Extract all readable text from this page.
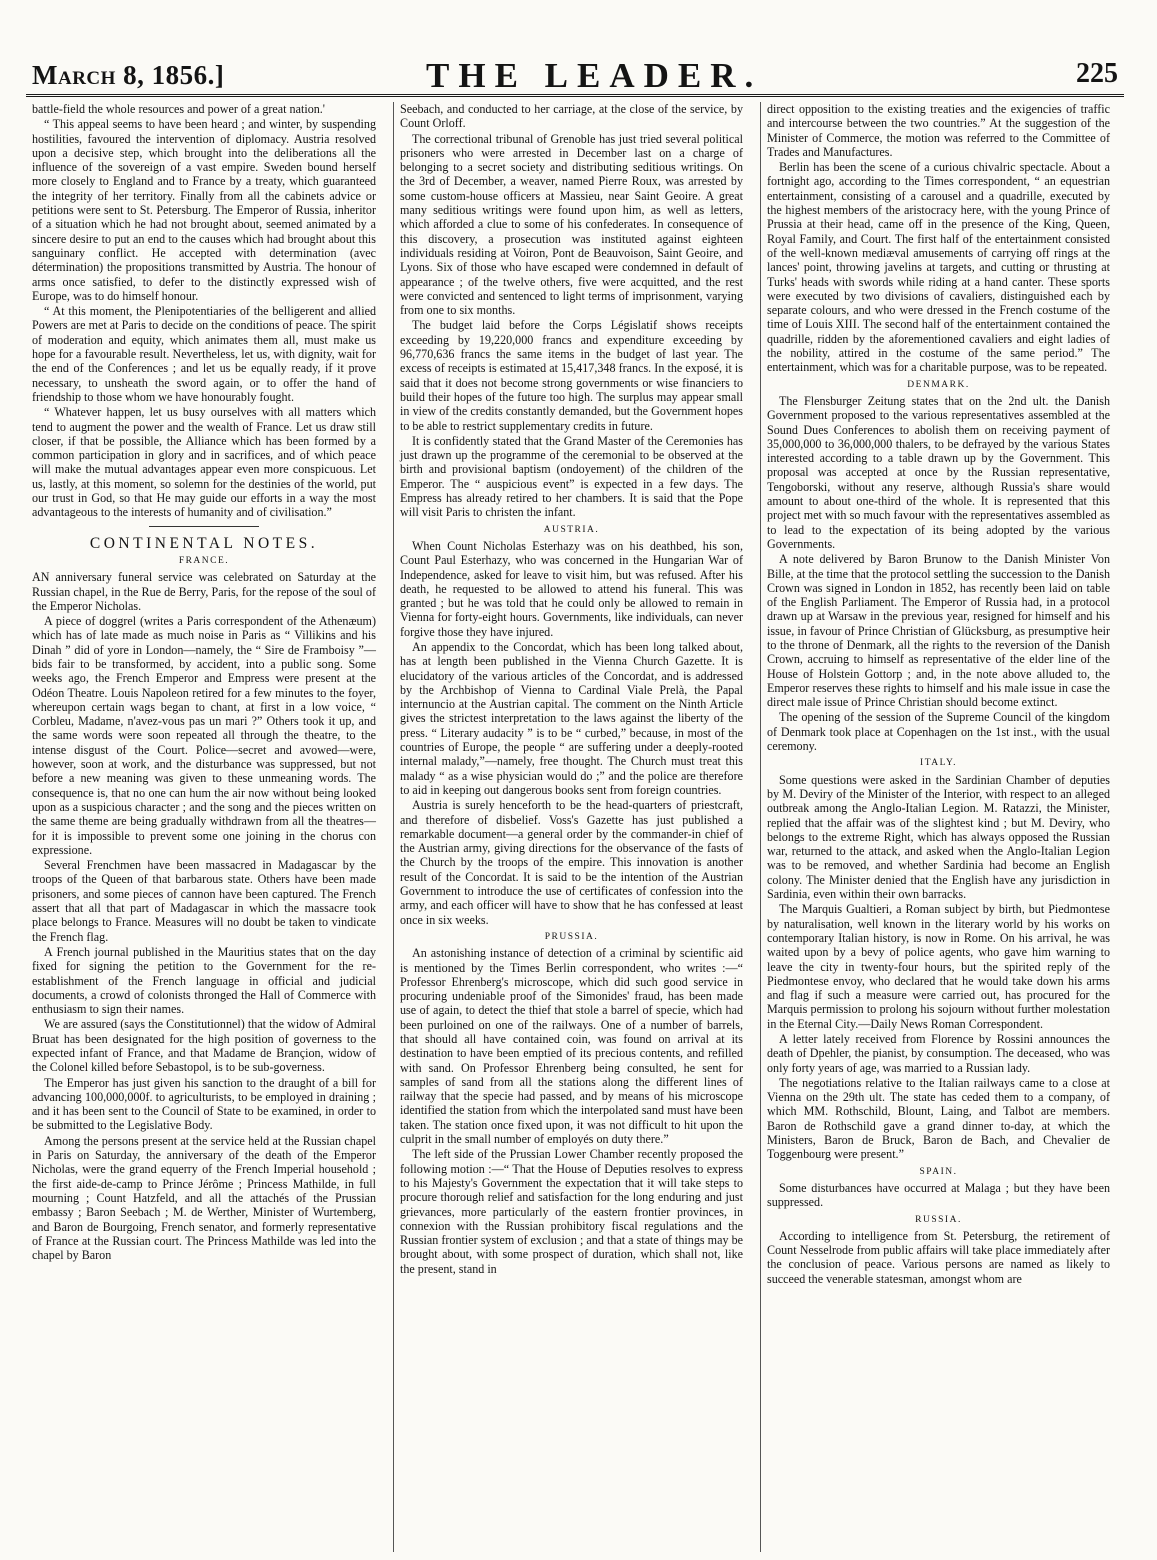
March 8, 1856.]	THE LEADER.	225

battle-field the whole resources and power of a great nation.'

“ This appeal seems to have been heard ; and winter, by suspending hostilities, favoured the intervention of diplomacy. Austria resolved upon a decisive step, which brought into the deliberations all the influence of the sovereign of a vast empire. Sweden bound herself more closely to England and to France by a treaty, which guaranteed the integrity of her territory. Finally from all the cabinets advice or petitions were sent to St. Petersburg. The Emperor of Russia, inheritor of a situation which he had not brought about, seemed animated by a sincere desire to put an end to the causes which had brought about this sanguinary conflict. He accepted with determination (avec détermination) the propositions transmitted by Austria. The honour of arms once satisfied, to defer to the distinctly expressed wish of Europe, was to do himself honour.

“ At this moment, the Plenipotentiaries of the belligerent and allied Powers are met at Paris to decide on the conditions of peace. The spirit of moderation and equity, which animates them all, must make us hope for a favourable result. Nevertheless, let us, with dignity, wait for the end of the Conferences ; and let us be equally ready, if it prove necessary, to unsheath the sword again, or to offer the hand of friendship to those whom we have honourably fought.

“ Whatever happen, let us busy ourselves with all matters which tend to augment the power and the wealth of France. Let us draw still closer, if that be possible, the Alliance which has been formed by a common participation in glory and in sacrifices, and of which peace will make the mutual advantages appear even more conspicuous. Let us, lastly, at this moment, so solemn for the destinies of the world, put our trust in God, so that He may guide our efforts in a way the most advantageous to the interests of humanity and of civilisation.”

CONTINENTAL NOTES.
FRANCE.

AN anniversary funeral service was celebrated on Saturday at the Russian chapel, in the Rue de Berry, Paris, for the repose of the soul of the Emperor Nicholas.

A piece of doggrel (writes a Paris correspondent of the Athenæum) which has of late made as much noise in Paris as “ Villikins and his Dinah ” did of yore in London—namely, the “ Sire de Framboisy ”—bids fair to be transformed, by accident, into a public song. Some weeks ago, the French Emperor and Empress were present at the Odéon Theatre. Louis Napoleon retired for a few minutes to the foyer, whereupon certain wags began to chant, at first in a low voice, “ Corbleu, Madame, n'avez-vous pas un mari ?” Others took it up, and the same words were soon repeated all through the theatre, to the intense disgust of the Court. Police—secret and avowed—were, however, soon at work, and the disturbance was suppressed, but not before a new meaning was given to these unmeaning words. The consequence is, that no one can hum the air now without being looked upon as a suspicious character ; and the song and the pieces written on the same theme are being gradually withdrawn from all the theatres—for it is impossible to prevent some one joining in the chorus con expressione.

Several Frenchmen have been massacred in Madagascar by the troops of the Queen of that barbarous state. Others have been made prisoners, and some pieces of cannon have been captured. The French assert that all that part of Madagascar in which the massacre took place belongs to France. Measures will no doubt be taken to vindicate the French flag.

A French journal published in the Mauritius states that on the day fixed for signing the petition to the Government for the re-establishment of the French language in official and judicial documents, a crowd of colonists thronged the Hall of Commerce with enthusiasm to sign their names.

We are assured (says the Constitutionnel) that the widow of Admiral Bruat has been designated for the high position of governess to the expected infant of France, and that Madame de Brançion, widow of the Colonel killed before Sebastopol, is to be sub-governess.

The Emperor has just given his sanction to the draught of a bill for advancing 100,000,000f. to agriculturists, to be employed in draining ; and it has been sent to the Council of State to be examined, in order to be submitted to the Legislative Body.

Among the persons present at the service held at the Russian chapel in Paris on Saturday, the anniversary of the death of the Emperor Nicholas, were the grand equerry of the French Imperial household ; the first aide-de-camp to Prince Jérôme ; Princess Mathilde, in full mourning ; Count Hatzfeld, and all the attachés of the Prussian embassy ; Baron Seebach ; M. de Werther, Minister of Wurtemberg, and Baron de Bourgoing, French senator, and formerly representative of France at the Russian court. The Princess Mathilde was led into the chapel by Baron

Seebach, and conducted to her carriage, at the close of the service, by Count Orloff.

The correctional tribunal of Grenoble has just tried several political prisoners who were arrested in December last on a charge of belonging to a secret society and distributing seditious writings. On the 3rd of December, a weaver, named Pierre Roux, was arrested by some custom-house officers at Massieu, near Saint Geoire. A great many seditious writings were found upon him, as well as letters, which afforded a clue to some of his confederates. In consequence of this discovery, a prosecution was instituted against eighteen individuals residing at Voiron, Pont de Beauvoison, Saint Geoire, and Lyons. Six of those who have escaped were condemned in default of appearance ; of the twelve others, five were acquitted, and the rest were convicted and sentenced to light terms of imprisonment, varying from one to six months.

The budget laid before the Corps Législatif shows receipts exceeding by 19,220,000 francs and expenditure exceeding by 96,770,636 francs the same items in the budget of last year. The excess of receipts is estimated at 15,417,348 francs. In the exposé, it is said that it does not become strong governments or wise financiers to build their hopes of the future too high. The surplus may appear small in view of the credits constantly demanded, but the Government hopes to be able to restrict supplementary credits in future.

It is confidently stated that the Grand Master of the Ceremonies has just drawn up the programme of the ceremonial to be observed at the birth and provisional baptism (ondoyement) of the children of the Emperor. The “ auspicious event” is expected in a few days. The Empress has already retired to her chambers. It is said that the Pope will visit Paris to christen the infant.

AUSTRIA.

When Count Nicholas Esterhazy was on his deathbed, his son, Count Paul Esterhazy, who was concerned in the Hungarian War of Independence, asked for leave to visit him, but was refused. After his death, he requested to be allowed to attend his funeral. This was granted ; but he was told that he could only be allowed to remain in Vienna for forty-eight hours. Governments, like individuals, can never forgive those they have injured.

An appendix to the Concordat, which has been long talked about, has at length been published in the Vienna Church Gazette. It is elucidatory of the various articles of the Concordat, and is addressed by the Archbishop of Vienna to Cardinal Viale Prelà, the Papal internuncio at the Austrian capital. The comment on the Ninth Article gives the strictest interpretation to the laws against the liberty of the press. “ Literary audacity ” is to be “ curbed,” because, in most of the countries of Europe, the people “ are suffering under a deeply-rooted internal malady,”—namely, free thought. The Church must treat this malady “ as a wise physician would do ;” and the police are therefore to aid in keeping out dangerous books sent from foreign countries.

Austria is surely henceforth to be the head-quarters of priestcraft, and therefore of disbelief. Voss's Gazette has just published a remarkable document—a general order by the commander-in chief of the Austrian army, giving directions for the observance of the fasts of the Church by the troops of the empire. This innovation is another result of the Concordat. It is said to be the intention of the Austrian Government to introduce the use of certificates of confession into the army, and each officer will have to show that he has confessed at least once in six weeks.

PRUSSIA.

An astonishing instance of detection of a criminal by scientific aid is mentioned by the Times Berlin correspondent, who writes :—“ Professor Ehrenberg's microscope, which did such good service in procuring undeniable proof of the Simonides' fraud, has been made use of again, to detect the thief that stole a barrel of specie, which had been purloined on one of the railways. One of a number of barrels, that should all have contained coin, was found on arrival at its destination to have been emptied of its precious contents, and refilled with sand. On Professor Ehrenberg being consulted, he sent for samples of sand from all the stations along the different lines of railway that the specie had passed, and by means of his microscope identified the station from which the interpolated sand must have been taken. The station once fixed upon, it was not difficult to hit upon the culprit in the small number of employés on duty there.”

The left side of the Prussian Lower Chamber recently proposed the following motion :—“ That the House of Deputies resolves to express to his Majesty's Government the expectation that it will take steps to procure thorough relief and satisfaction for the long enduring and just grievances, more particularly of the eastern frontier provinces, in connexion with the Russian prohibitory fiscal regulations and the Russian frontier system of exclusion ; and that a state of things may be brought about, with some prospect of duration, which shall not, like the present, stand in

direct opposition to the existing treaties and the exigencies of traffic and intercourse between the two countries.” At the suggestion of the Minister of Commerce, the motion was referred to the Committee of Trades and Manufactures.

Berlin has been the scene of a curious chivalric spectacle. About a fortnight ago, according to the Times correspondent, “ an equestrian entertainment, consisting of a carousel and a quadrille, executed by the highest members of the aristocracy here, with the young Prince of Prussia at their head, came off in the presence of the King, Queen, Royal Family, and Court. The first half of the entertainment consisted of the well-known mediæval amusements of carrying off rings at the lances' point, throwing javelins at targets, and cutting or thrusting at Turks' heads with swords while riding at a hand canter. These sports were executed by two divisions of cavaliers, distinguished each by separate colours, and who were dressed in the French costume of the time of Louis XIII. The second half of the entertainment contained the quadrille, ridden by the aforementioned cavaliers and eight ladies of the nobility, attired in the costume of the same period.” The entertainment, which was for a charitable purpose, was to be repeated.

DENMARK.

The Flensburger Zeitung states that on the 2nd ult. the Danish Government proposed to the various representatives assembled at the Sound Dues Conferences to abolish them on receiving payment of 35,000,000 to 36,000,000 thalers, to be defrayed by the various States interested according to a table drawn up by the Government. This proposal was accepted at once by the Russian representative, Tengoborski, without any reserve, although Russia's share would amount to about one-third of the whole. It is represented that this project met with so much favour with the representatives assembled as to lead to the expectation of its being adopted by the various Governments.

A note delivered by Baron Brunow to the Danish Minister Von Bille, at the time that the protocol settling the succession to the Danish Crown was signed in London in 1852, has recently been laid on table of the English Parliament. The Emperor of Russia had, in a protocol drawn up at Warsaw in the previous year, resigned for himself and his issue, in favour of Prince Christian of Glücksburg, as presumptive heir to the throne of Denmark, all the rights to the reversion of the Danish Crown, accruing to himself as representative of the elder line of the House of Holstein Gottorp ; and, in the note above alluded to, the Emperor reserves these rights to himself and his male issue in case the direct male issue of Prince Christian should become extinct.

The opening of the session of the Supreme Council of the kingdom of Denmark took place at Copenhagen on the 1st inst., with the usual ceremony.

ITALY.

Some questions were asked in the Sardinian Chamber of deputies by M. Deviry of the Minister of the Interior, with respect to an alleged outbreak among the Anglo-Italian Legion. M. Ratazzi, the Minister, replied that the affair was of the slightest kind ; but M. Deviry, who belongs to the extreme Right, which has always opposed the Russian war, returned to the attack, and asked when the Anglo-Italian Legion was to be removed, and whether Sardinia had become an English colony. The Minister denied that the English have any jurisdiction in Sardinia, even within their own barracks.

The Marquis Gualtieri, a Roman subject by birth, but Piedmontese by naturalisation, well known in the literary world by his works on contemporary Italian history, is now in Rome. On his arrival, he was waited upon by a bevy of police agents, who gave him warning to leave the city in twenty-four hours, but the spirited reply of the Piedmontese envoy, who declared that he would take down his arms and flag if such a measure were carried out, has procured for the Marquis permission to prolong his sojourn without further molestation in the Eternal City.—Daily News Roman Correspondent.

A letter lately received from Florence by Rossini announces the death of Dpehler, the pianist, by consumption. The deceased, who was only forty years of age, was married to a Russian lady.

The negotiations relative to the Italian railways came to a close at Vienna on the 29th ult. The state has ceded them to a company, of which MM. Rothschild, Blount, Laing, and Talbot are members. Baron de Rothschild gave a grand dinner to-day, at which the Ministers, Baron de Bruck, Baron de Bach, and Chevalier de Toggenbourg were present.”

SPAIN.

Some disturbances have occurred at Malaga ; but they have been suppressed.

RUSSIA.

According to intelligence from St. Petersburg, the retirement of Count Nesselrode from public affairs will take place immediately after the conclusion of peace. Various persons are named as likely to succeed the venerable statesman, amongst whom are
